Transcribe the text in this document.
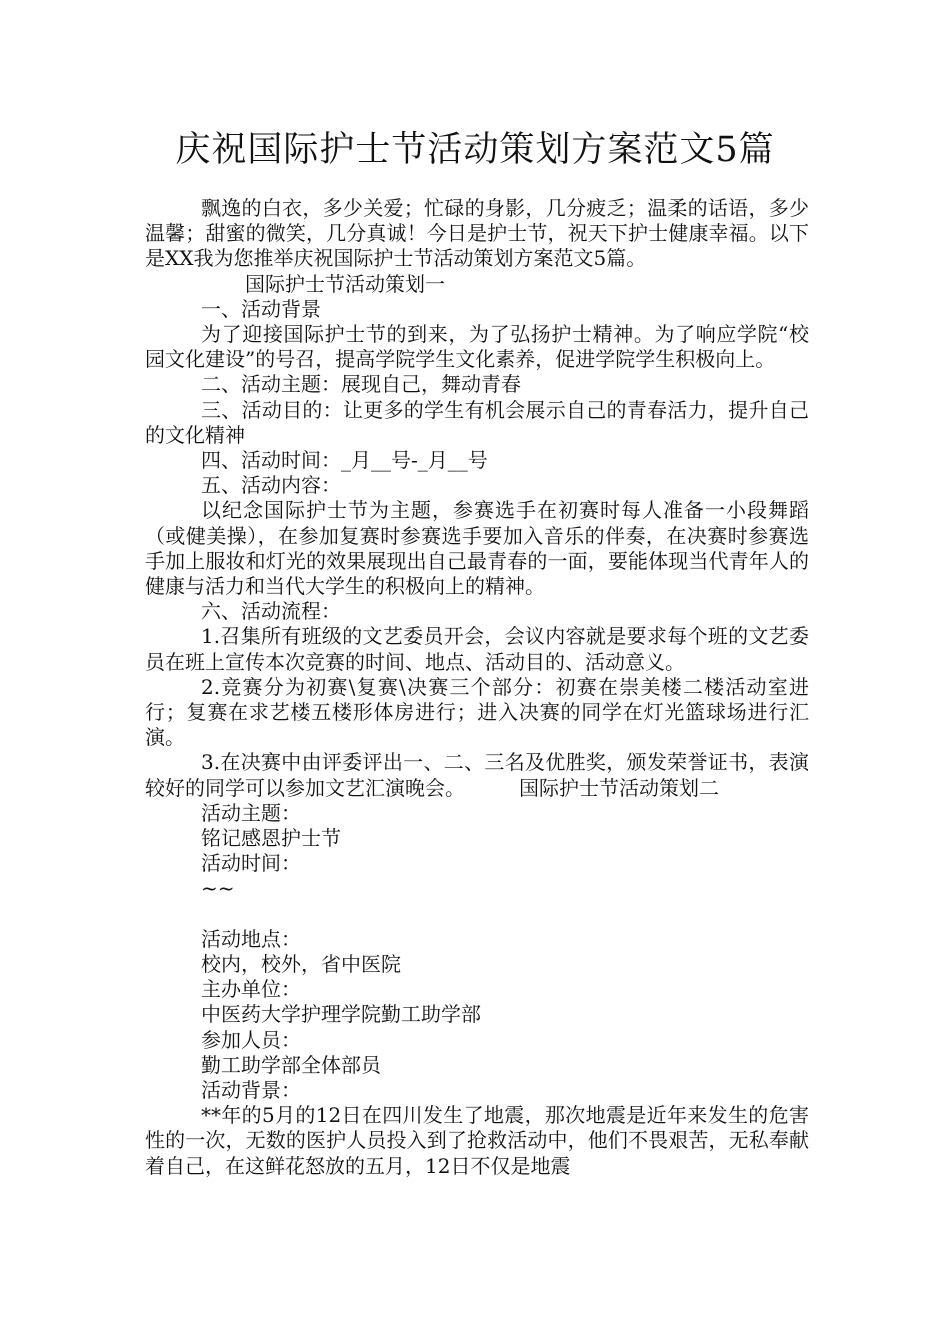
庆祝国际护士节活动策划方案范文5篇

飘逸的白衣，多少关爱；忙碌的身影，几分疲乏；温柔的话语，多少温馨；甜蜜的微笑，几分真诚！今日是护士节，祝天下护士健康幸福。以下是XX我为您推举庆祝国际护士节活动策划方案范文5篇。

国际护士节活动策划一

一、活动背景

为了迎接国际护士节的到来，为了弘扬护士精神。为了响应学院“校园文化建设”的号召，提高学院学生文化素养，促进学院学生积极向上。

二、活动主题：展现自己，舞动青春

三、活动目的：让更多的学生有机会展示自己的青春活力，提升自己的文化精神

四、活动时间：_月__号-_月__号

五、活动内容：

以纪念国际护士节为主题，参赛选手在初赛时每人准备一小段舞蹈（或健美操），在参加复赛时参赛选手要加入音乐的伴奏，在决赛时参赛选手加上服妆和灯光的效果展现出自己最青春的一面，要能体现当代青年人的健康与活力和当代大学生的积极向上的精神。

六、活动流程：

1.召集所有班级的文艺委员开会，会议内容就是要求每个班的文艺委员在班上宣传本次竞赛的时间、地点、活动目的、活动意义。

2.竞赛分为初赛\复赛\决赛三个部分：初赛在崇美楼二楼活动室进行；复赛在求艺楼五楼形体房进行；进入决赛的同学在灯光篮球场进行汇演。

3.在决赛中由评委评出一、二、三名及优胜奖，颁发荣誉证书，表演较好的同学可以参加文艺汇演晚会。	国际护士节活动策划二

活动主题：

铭记感恩护士节

活动时间：

~~

活动地点：

校内，校外，省中医院

主办单位：

中医药大学护理学院勤工助学部

参加人员：

勤工助学部全体部员

活动背景：

**年的5月的12日在四川发生了地震，那次地震是近年来发生的危害性的一次，无数的医护人员投入到了抢救活动中，他们不畏艰苦，无私奉献着自己，在这鲜花怒放的五月，12日不仅是地震
